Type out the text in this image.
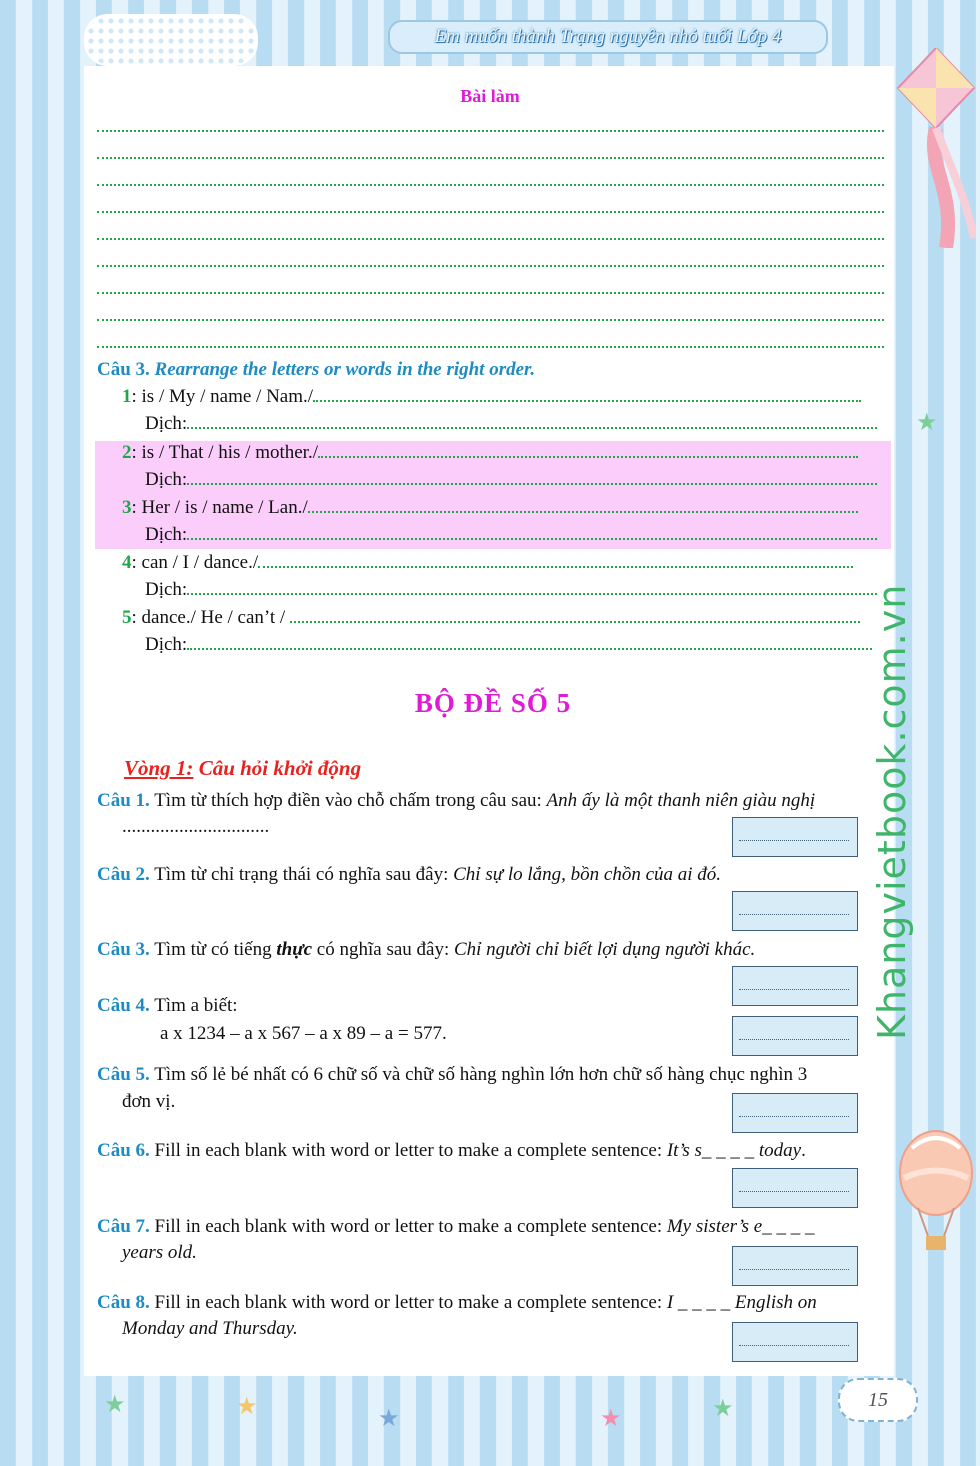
Em muốn thành Trạng nguyên nhỏ tuổi Lớp 4
Bài làm
Câu 3. Rearrange the letters or words in the right order.
1: is / My / name / Nam./
Dịch:
2: is / That / his / mother./
Dịch:
3: Her / is / name / Lan./
Dịch:
4: can / I / dance./
Dịch:
5: dance./ He / can’t /
Dịch:
BỘ ĐỀ SỐ 5
Vòng 1: Câu hỏi khởi động
Câu 1. Tìm từ thích hợp điền vào chỗ chấm trong câu sau: Anh ấy là một thanh niên giàu nghị
...............................
Câu 2. Tìm từ chỉ trạng thái có nghĩa sau đây: Chỉ sự lo lắng, bồn chồn của ai đó.
Câu 3. Tìm từ có tiếng thực có nghĩa sau đây: Chỉ người chỉ biết lợi dụng người khác.
Câu 4. Tìm a biết:
a x 1234 – a x 567 – a x 89 – a = 577.
Câu 5. Tìm số lẻ bé nhất có 6 chữ số và chữ số hàng nghìn lớn hơn chữ số hàng chục nghìn 3
đơn vị.
Câu 6. Fill in each blank with word or letter to make a complete sentence: It’s s_ _ _ _ today.
Câu 7. Fill in each blank with word or letter to make a complete sentence: My sister’s e_ _ _ _
years old.
Câu 8. Fill in each blank with word or letter to make a complete sentence: I _ _ _ _ English on
Monday and Thursday.
Khangvietbook.com.vn
★
★	★	★	★	★	15
